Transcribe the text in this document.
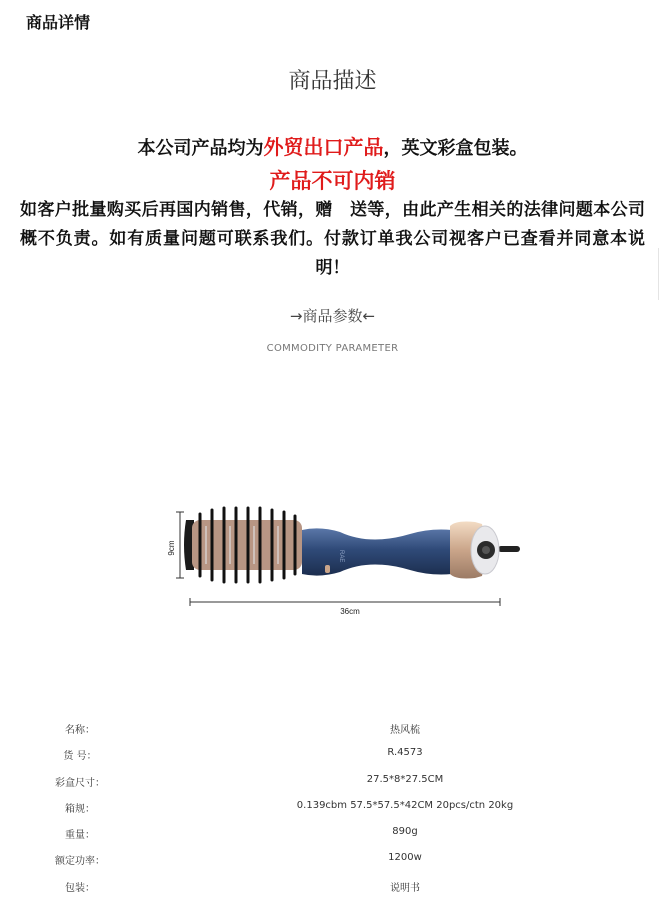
商品详情
商品描述
本公司产品均为外贸出口产品，英文彩盒包装。
产品不可内销
如客户批量购买后再国内销售，代销，赠　送等，由此产生相关的法律问题本公司概不负责。如有质量问题可联系我们。付款订单我公司视客户已查看并同意本说明！
→商品参数←
COMMODITY PARAMETER
9cm
RAE
36cm
名称：	热风梳
货 号：	R.4573
彩盒尺寸：	27.5*8*27.5CM
箱规：	0.139cbm 57.5*57.5*42CM 20pcs/ctn 20kg
重量：	890g
额定功率：	1200w
包装：	说明书
